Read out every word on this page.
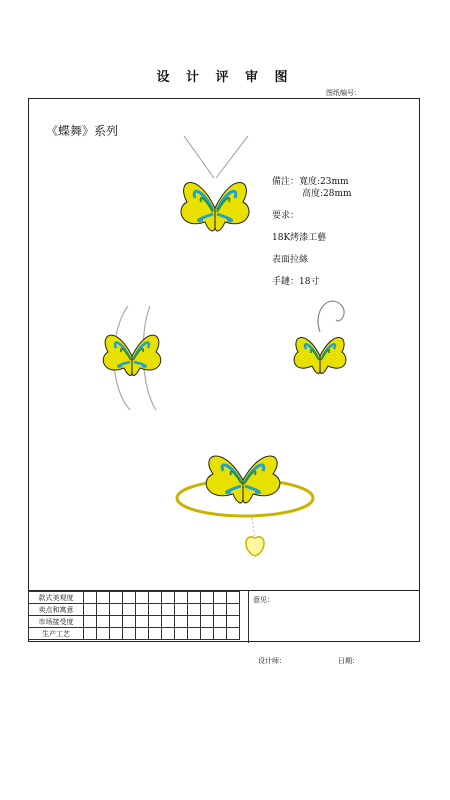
设 计 评 审 图
图纸编号：
《蝶舞》系列
備注：寬度:23mm
高度:28mm
要求：
18K烤漆工藝
表面拉絲
手鏈：18寸
款式美观度												
卖点和寓意												
市场接受度												
生产工艺												
意见：
设计师：	日期：
悟空问答
